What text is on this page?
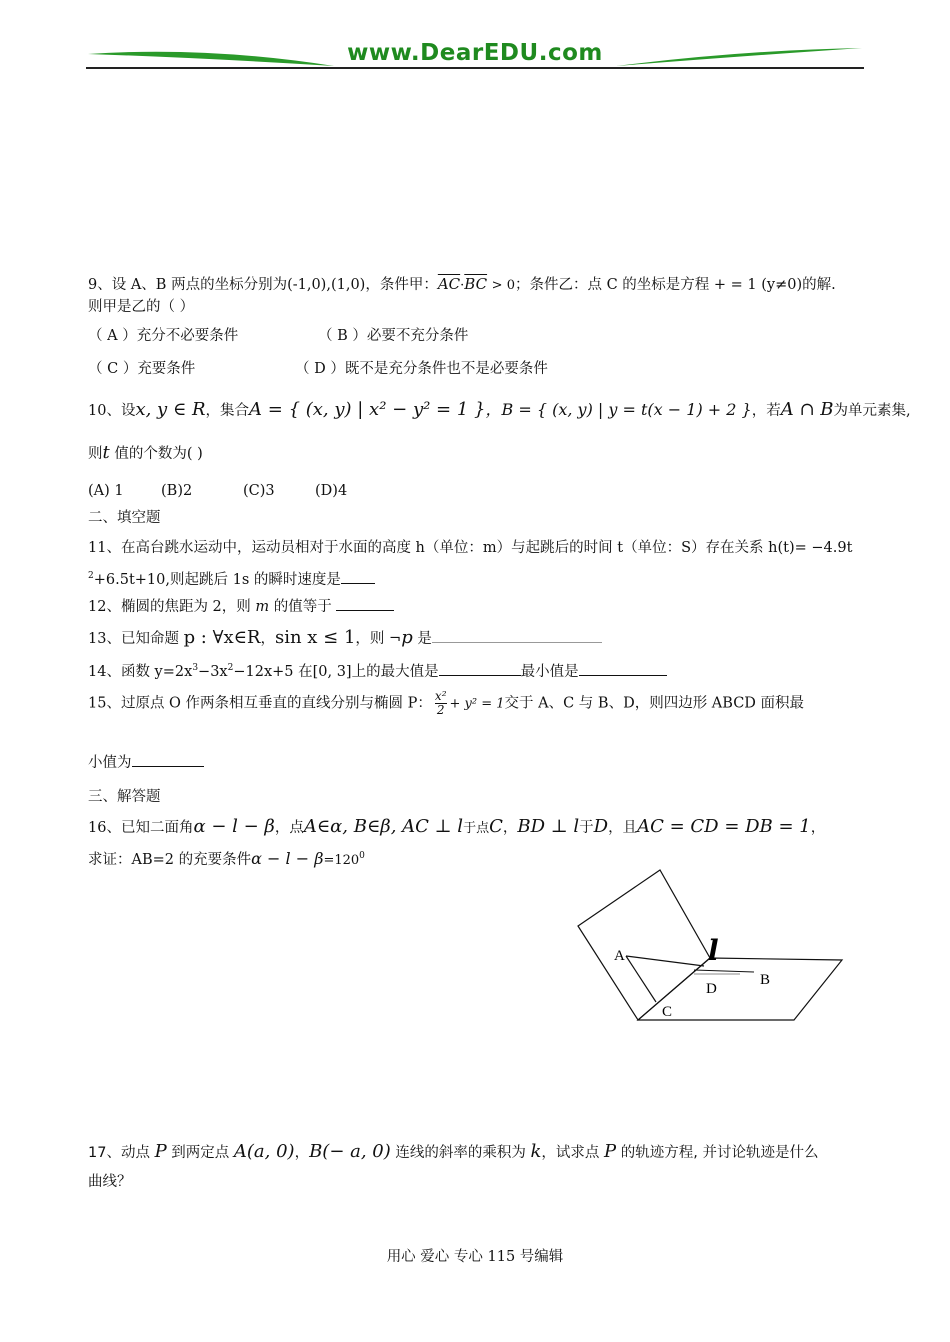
www.DearEDU.com
9、设 A、B 两点的坐标分别为(-1,0),(1,0)，条件甲：$\overline{AC}\cdot\overline{BC} > 0$；条件乙：点 C 的坐标是方程 + = 1 (y≠0)的解.
则甲是乙的（ ）
（ A ）充分不必要条件	（ B ）必要不充分条件
（ C ）充要条件	（ D ）既不是充分条件也不是必要条件
10、设x, y ∈ R，集合A = { (x, y) | x² − y² = 1 }，B = { (x, y) | y = t(x − 1) + 2 }，若A ∩ B为单元素集,
则t 值的个数为( )
(A) 1	(B)2	(C)3	(D)4
二、填空题
11、在高台跳水运动中，运动员相对于水面的高度 h（单位：m）与起跳后的时间 t（单位：S）存在关系 h(t)= −4.9t
$^2$+6.5t+10,则起跳后 1s 的瞬时速度是
12、椭圆的焦距为 2，则 m 的值等于
13、已知命题 p : ∀x∈R，sin x ≤ 1，则 ¬p 是
14、函数 $y=2x^3-3x^2-12x+5$ 在[0, 3]上的最大值是	最小值是
15、过原点 O 作两条相互垂直的直线分别与椭圆 P： $\frac{\text{x²}}{2} + y^2 = 1$交于 A、C 与 B、D，则四边形 ABCD 面积最
小值为
三、解答题
16、已知二面角α − l − β，点A∈α, B∈β, AC ⊥ l于点C，BD ⊥ l于D，且AC = CD = DB = 1，
求证：AB=2 的充要条件$\alpha - l - \beta=120^0$
A	l
B
D
C
17、动点 P 到两定点 A(a, 0)，B(− a, 0) 连线的斜率的乘积为 k，试求点 P 的轨迹方程, 并讨论轨迹是什么
曲线？
用心 爱心 专心 115 号编辑
